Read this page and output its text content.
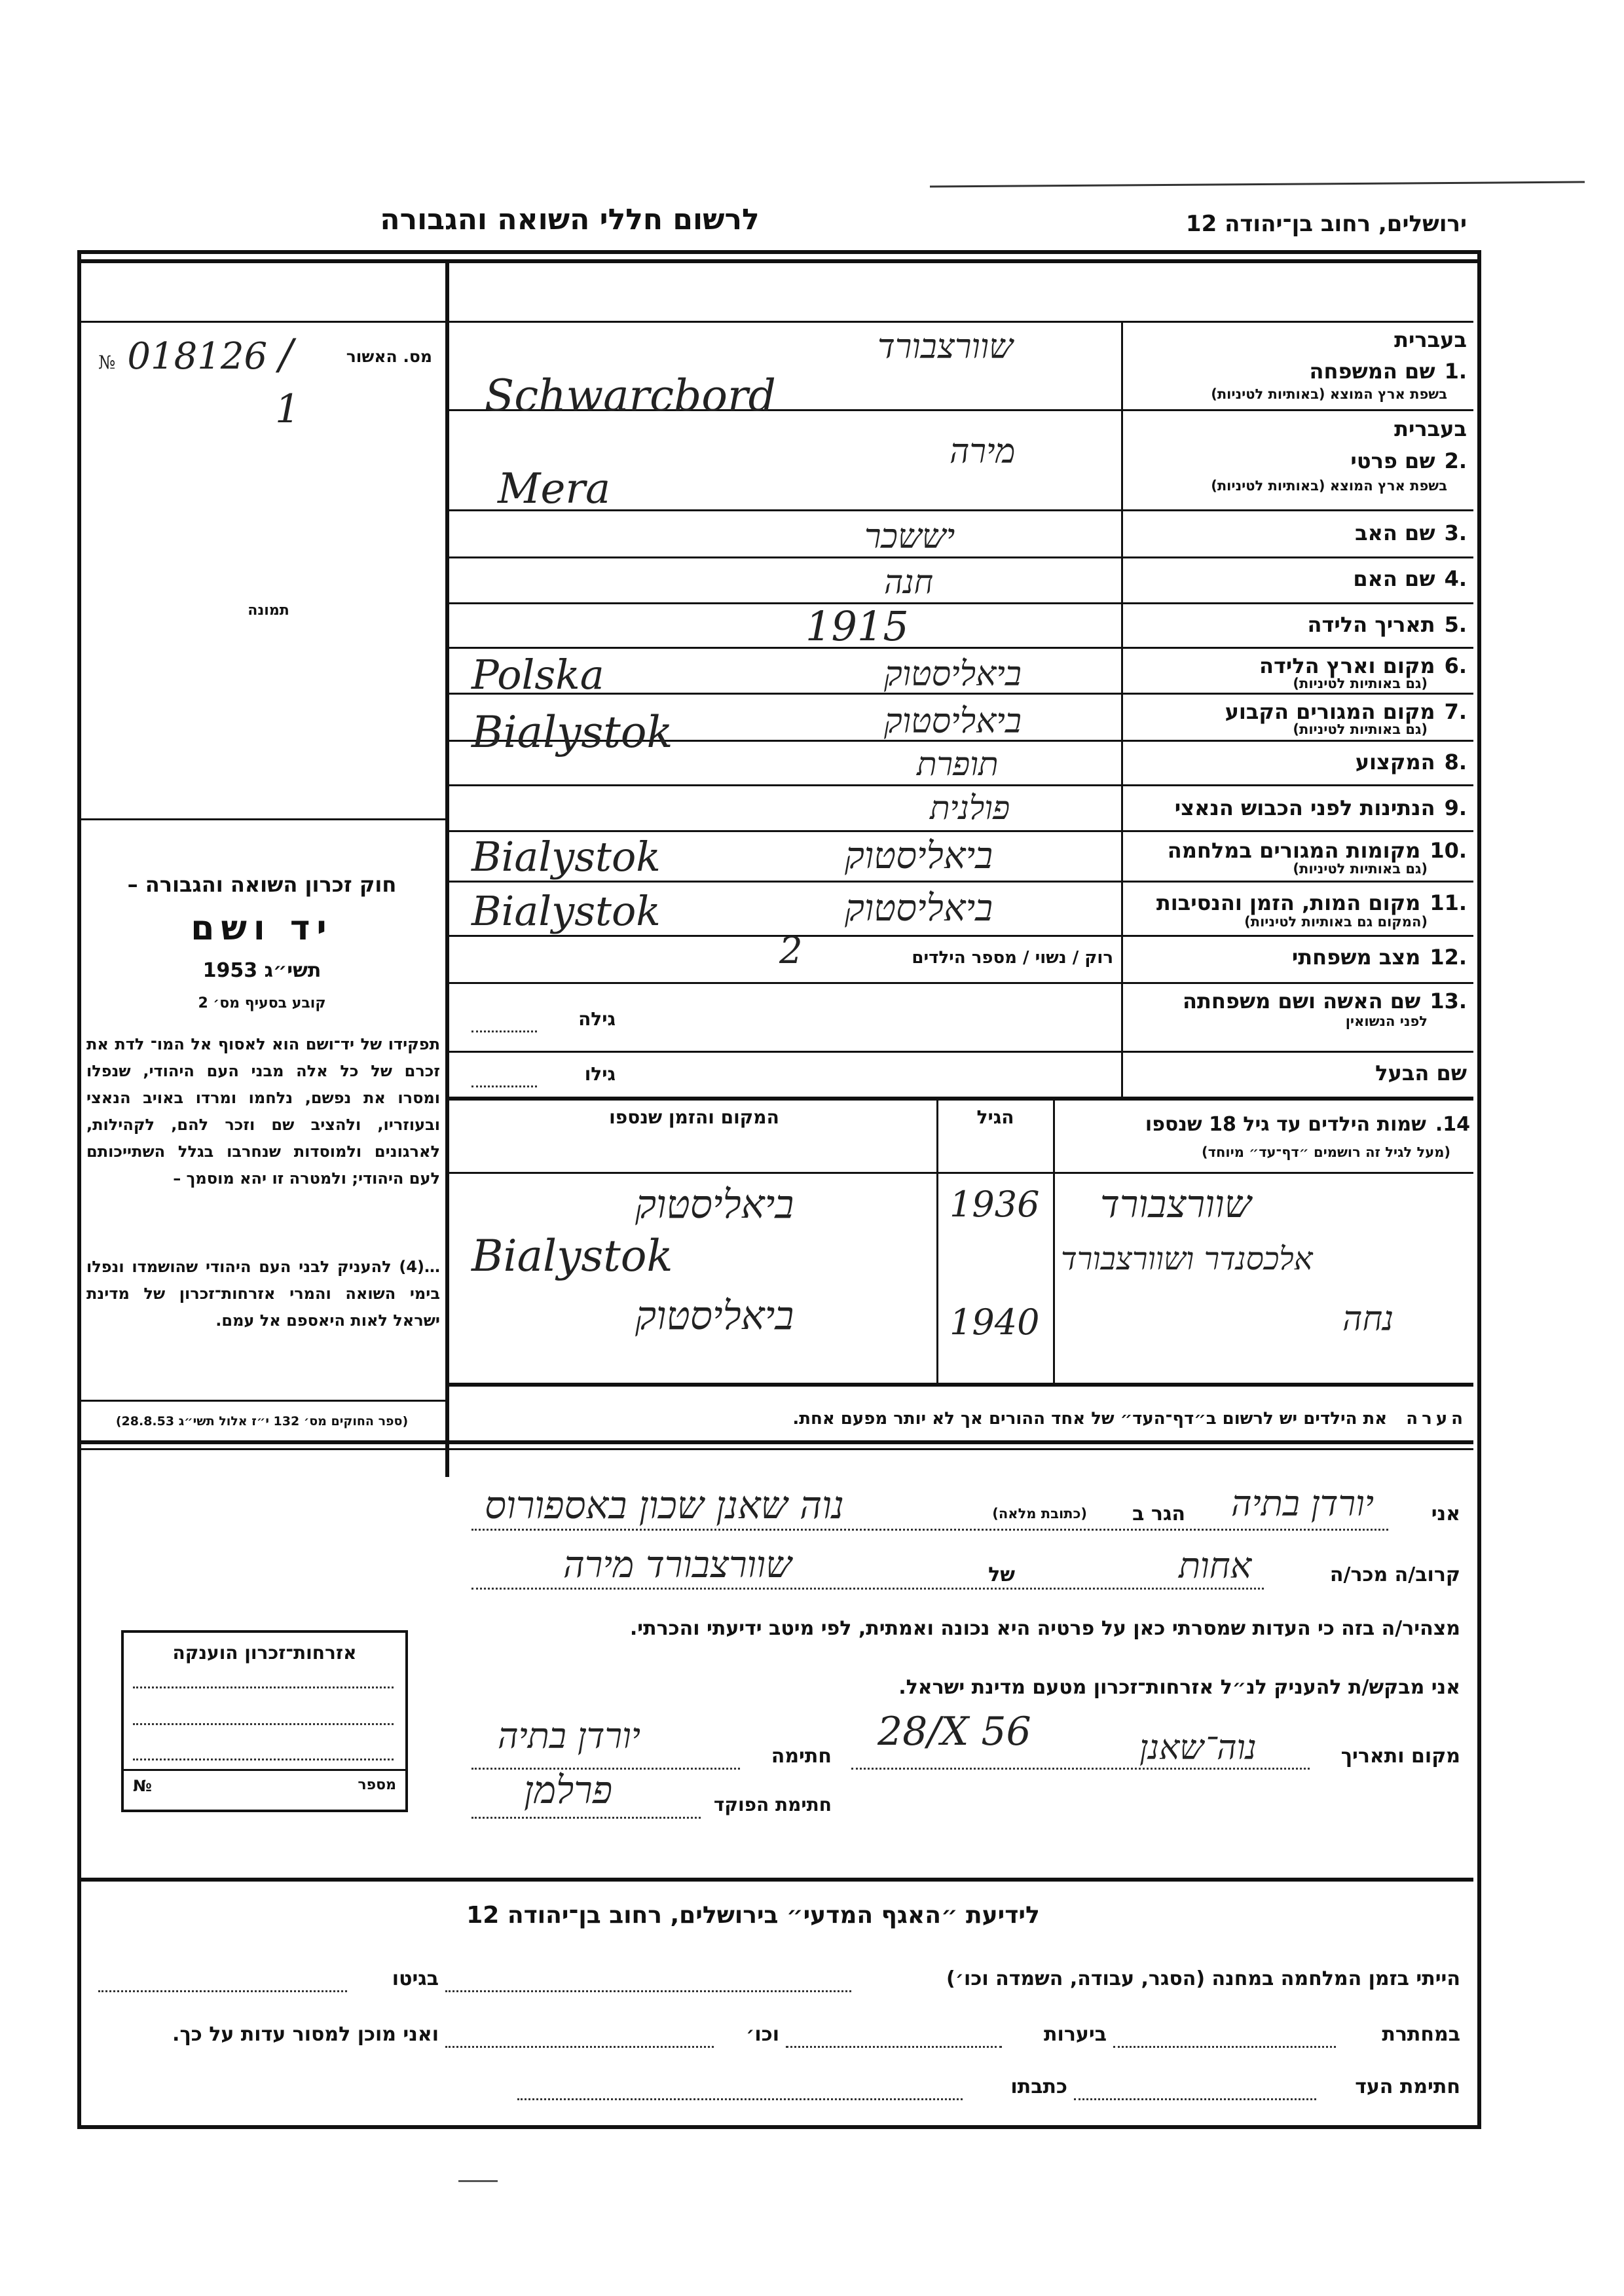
לרשום חללי השואה והגבורה	ירושלים, רחוב בן־יהודה 12
מס. האשור
№ 018126 /
1
תמונה
חוק זכרון השואה והגבורה –
יד ושם
תשי״ג 1953
קובע בסעיף מס׳ 2
תפקידו של יד־ושם הוא לאסוף אל המו־ לדת את זכרם של כל אלה מבני העם היהודי, שנפלו ומסרו את נפשם, נלחמו ומרדו באויב הנאצי ובעוזריו, ולהציב שם וזכר להם, לקהילות, לארגונים ולמוסדות שנחרבו בגלל השתייכותם לעם היהודי; ולמטרה זו יהא מוסמך –
…(4) להעניק לבני העם היהודי שהושמדו ונפלו בימי השואה והמרי אזרחות־זכרון של מדינת ישראל לאות היאספם אל עמם.
(ספר החוקים מס׳ 132 י״ז אלול תשי״ג 28.8.53)
בעברית
.1שם המשפחה
בשפת ארץ המוצא (באותיות לטיניות)
שוורצבורד
Schwarcbord
בעברית
.2שם פרטי
בשפת ארץ המוצא (באותיות לטיניות)
מירה
Mera
.3שם האב
יששכר
.4שם האם
חנה
.5תאריך הלידה
1915
.6מקום וארץ הלידה
(גם באותיות לטיניות)
ביאליסטוק
Polska
.7מקום המגורים הקבוע
(גם באותיות לטיניות)
ביאליסטוק
Bialystok
.8המקצוע
תופרת
.9הנתינות לפני הכבוש הנאצי
פולנית
.10מקומות המגורים במלחמה
(גם באותיות לטיניות)
ביאליסטוק
Bialystok
.11מקום המות, הזמן והנסיבות
(המקום גם באותיות לטיניות)
ביאליסטוק
Bialystok
.12מצב משפחתי
רוק / נשוי / מספר הילדים
2
.13שם האשה ושם משפחתה
לפני הנשואין
גילה
שם הבעל
גילו
14.שמות הילדים עד גיל 18 שנספו
(מעל לגיל זה רושמים ״דף־עד״ מיוחד)
הגיל
המקום והזמן שנספו
שוורצבורד
1936
ביאליסטוק
אלכסנדר ושוורצבורד
Bialystok
נחה
1940
ביאליסטוק
הערה את הילדים יש לרשום ב״דף־העד״ של אחד ההורים אך לא יותר מפעם אחת.
אני
יורדן בתיה
הגר ב
(כתובת מלאה)
נוה שאנן שכון באספורוס
קרוב/ה מכר/ה
אחות
של
שוורצבורד מירה
מצהיר/ה בזה כי העדות שמסרתי כאן על פרטיה היא נכונה ואמתית, לפי מיטב ידיעתי והכרתי.
אני מבקש/ת להעניק לנ״ל אזרחות־זכרון מטעם מדינת ישראל.
מקום ותאריך
נוה־שאנן
28/X 56
חתימה
יורדן בתיה
חתימת הפוקד
פרלמן
אזרחות־זכרון הוענקה
מספר
№
לידיעת ״האגף המדעי״ בירושלים, רחוב בן־יהודה 12
הייתי בזמן המלחמה במחנה (הסגר, עבודה, השמדה וכו׳)
בגיטו
במחתרת
ביערות
וכו׳
ואני מוכן למסור עדות על כך.
חתימת העד
כתבתו
